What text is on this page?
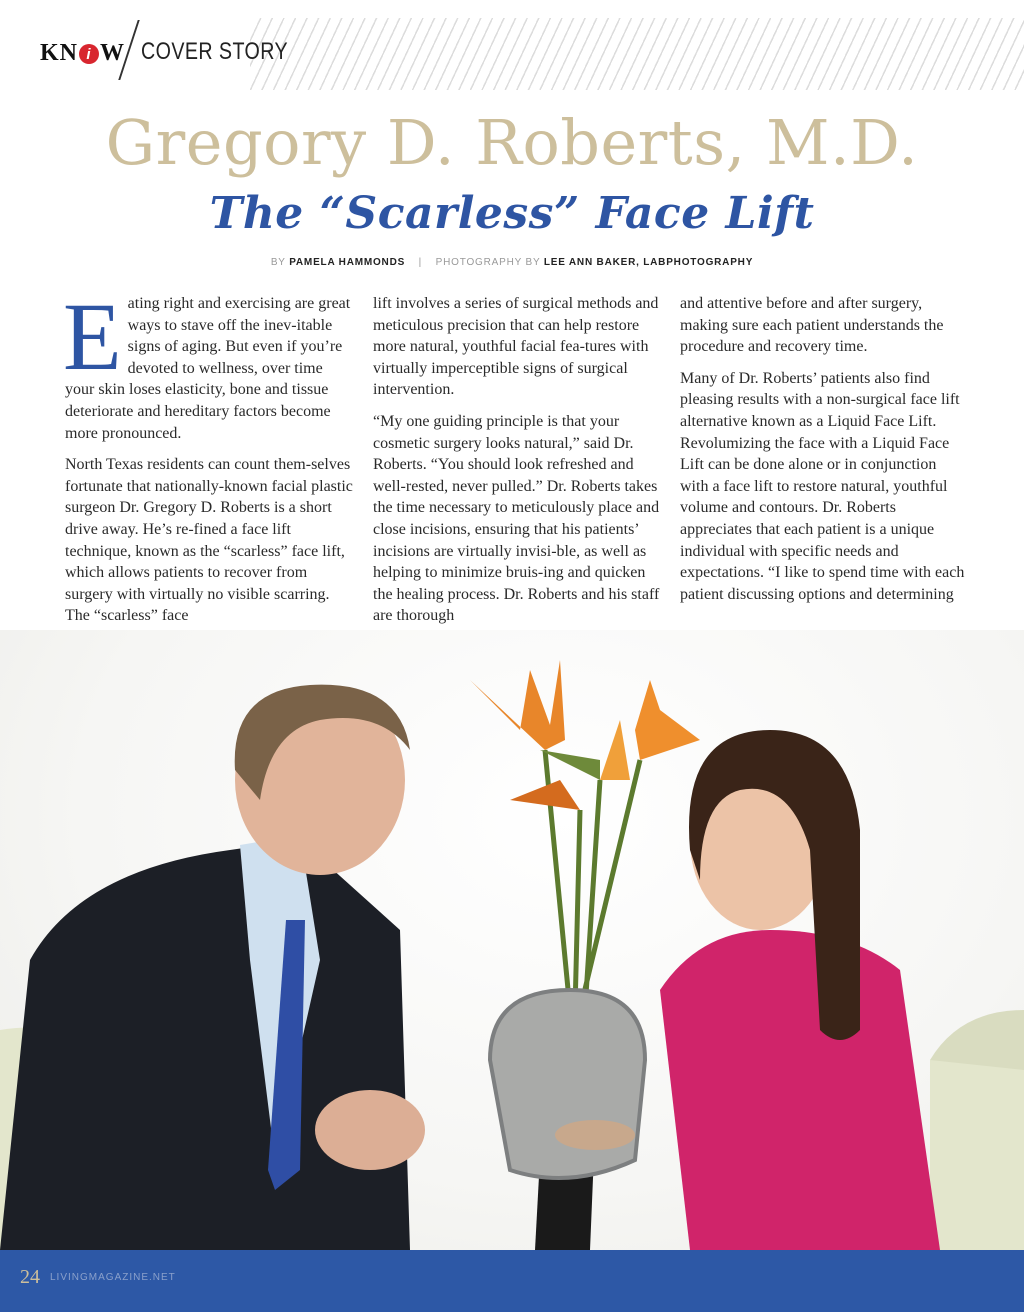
KN i W COVER STORY
Gregory D. Roberts, M.D.
The “Scarless” Face Lift
BY PAMELA HAMMONDS | PHOTOGRAPHY BY LEE ANN BAKER, LABPHOTOGRAPHY

Eating right and exercising are great ways to stave off the inev-itable signs of aging. But even if you’re devoted to wellness, over time your skin loses elasticity, bone and tissue deteriorate and hereditary factors become more pronounced.

North Texas residents can count them-selves fortunate that nationally-known facial plastic surgeon Dr. Gregory D. Roberts is a short drive away. He’s re-fined a face lift technique, known as the “scarless” face lift, which allows patients to recover from surgery with virtually no visible scarring. The “scarless” face

lift involves a series of surgical methods and meticulous precision that can help restore more natural, youthful facial fea-tures with virtually imperceptible signs of surgical intervention.

“My one guiding principle is that your cosmetic surgery looks natural,” said Dr. Roberts. “You should look refreshed and well-rested, never pulled.” Dr. Roberts takes the time necessary to meticulously place and close incisions, ensuring that his patients’ incisions are virtually invisi-ble, as well as helping to minimize bruis-ing and quicken the healing process. Dr. Roberts and his staff are thorough

and attentive before and after surgery, making sure each patient understands the procedure and recovery time.

Many of Dr. Roberts’ patients also find pleasing results with a non-surgical face lift alternative known as a Liquid Face Lift. Revolumizing the face with a Liquid Face Lift can be done alone or in conjunction with a face lift to restore natural, youthful volume and contours. Dr. Roberts appreciates that each patient is a unique individual with specific needs and expectations. “I like to spend time with each patient discussing options and determining

24 LIVINGMAGAZINE.NET
